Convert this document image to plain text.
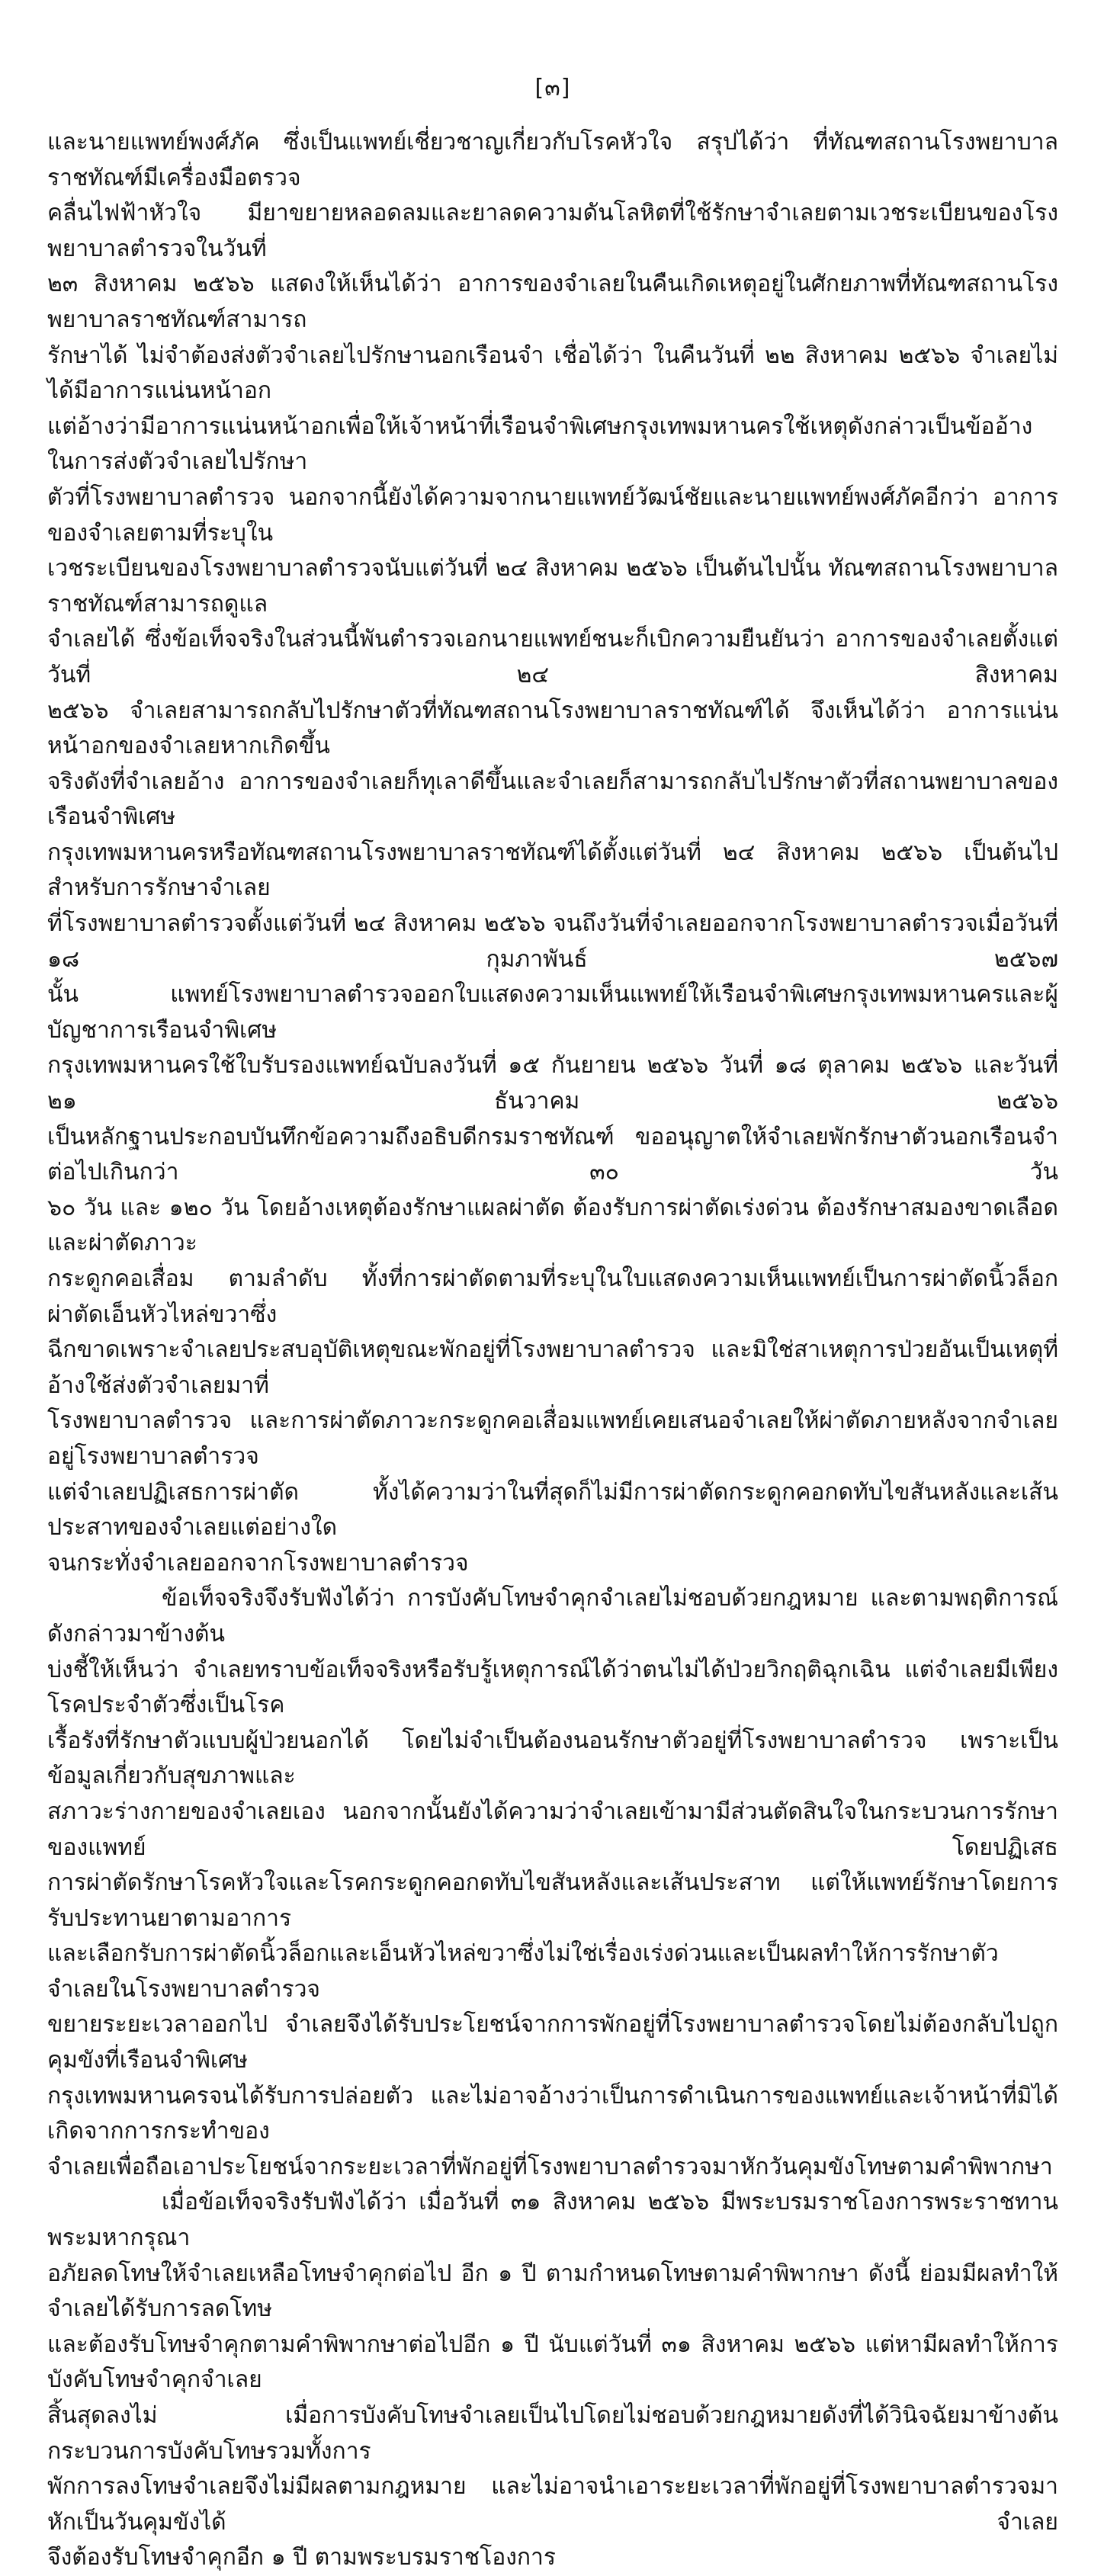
[๓]
และนายแพทย์พงศ์ภัค ซึ่งเป็นแพทย์เชี่ยวชาญเกี่ยวกับโรคหัวใจ สรุปได้ว่า ที่ทัณฑสถานโรงพยาบาลราชทัณฑ์มีเครื่องมือตรวจ
คลื่นไฟฟ้าหัวใจ มียาขยายหลอดลมและยาลดความดันโลหิตที่ใช้รักษาจำเลยตามเวชระเบียนของโรงพยาบาลตำรวจในวันที่
๒๓ สิงหาคม ๒๕๖๖ แสดงให้เห็นได้ว่า อาการของจำเลยในคืนเกิดเหตุอยู่ในศักยภาพที่ทัณฑสถานโรงพยาบาลราชทัณฑ์สามารถ
รักษาได้ ไม่จำต้องส่งตัวจำเลยไปรักษานอกเรือนจำ เชื่อได้ว่า ในคืนวันที่ ๒๒ สิงหาคม ๒๕๖๖ จำเลยไม่ได้มีอาการแน่นหน้าอก
แต่อ้างว่ามีอาการแน่นหน้าอกเพื่อให้เจ้าหน้าที่เรือนจำพิเศษกรุงเทพมหานครใช้เหตุดังกล่าวเป็นข้ออ้างในการส่งตัวจำเลยไปรักษา
ตัวที่โรงพยาบาลตำรวจ นอกจากนี้ยังได้ความจากนายแพทย์วัฒน์ชัยและนายแพทย์พงศ์ภัคอีกว่า อาการของจำเลยตามที่ระบุใน
เวชระเบียนของโรงพยาบาลตำรวจนับแต่วันที่ ๒๔ สิงหาคม ๒๕๖๖ เป็นต้นไปนั้น ทัณฑสถานโรงพยาบาลราชทัณฑ์สามารถดูแล
จำเลยได้ ซึ่งข้อเท็จจริงในส่วนนี้พันตำรวจเอกนายแพทย์ชนะก็เบิกความยืนยันว่า อาการของจำเลยตั้งแต่วันที่ ๒๔ สิงหาคม
๒๕๖๖ จำเลยสามารถกลับไปรักษาตัวที่ทัณฑสถานโรงพยาบาลราชทัณฑ์ได้ จึงเห็นได้ว่า อาการแน่นหน้าอกของจำเลยหากเกิดขึ้น
จริงดังที่จำเลยอ้าง อาการของจำเลยก็ทุเลาดีขึ้นและจำเลยก็สามารถกลับไปรักษาตัวที่สถานพยาบาลของเรือนจำพิเศษ
กรุงเทพมหานครหรือทัณฑสถานโรงพยาบาลราชทัณฑ์ได้ตั้งแต่วันที่ ๒๔ สิงหาคม ๒๕๖๖ เป็นต้นไป สำหรับการรักษาจำเลย
ที่โรงพยาบาลตำรวจตั้งแต่วันที่ ๒๔ สิงหาคม ๒๕๖๖ จนถึงวันที่จำเลยออกจากโรงพยาบาลตำรวจเมื่อวันที่ ๑๘ กุมภาพันธ์ ๒๕๖๗
นั้น แพทย์โรงพยาบาลตำรวจออกใบแสดงความเห็นแพทย์ให้เรือนจำพิเศษกรุงเทพมหานครและผู้บัญชาการเรือนจำพิเศษ
กรุงเทพมหานครใช้ใบรับรองแพทย์ฉบับลงวันที่ ๑๕ กันยายน ๒๕๖๖ วันที่ ๑๘ ตุลาคม ๒๕๖๖ และวันที่ ๒๑ ธันวาคม ๒๕๖๖
เป็นหลักฐานประกอบบันทึกข้อความถึงอธิบดีกรมราชทัณฑ์ ขออนุญาตให้จำเลยพักรักษาตัวนอกเรือนจำต่อไปเกินกว่า ๓๐ วัน
๖๐ วัน และ ๑๒๐ วัน โดยอ้างเหตุต้องรักษาแผลผ่าตัด ต้องรับการผ่าตัดเร่งด่วน ต้องรักษาสมองขาดเลือดและผ่าตัดภาวะ
กระดูกคอเสื่อม ตามลำดับ ทั้งที่การผ่าตัดตามที่ระบุในใบแสดงความเห็นแพทย์เป็นการผ่าตัดนิ้วล็อก ผ่าตัดเอ็นหัวไหล่ขวาซึ่ง
ฉีกขาดเพราะจำเลยประสบอุบัติเหตุขณะพักอยู่ที่โรงพยาบาลตำรวจ และมิใช่สาเหตุการป่วยอันเป็นเหตุที่อ้างใช้ส่งตัวจำเลยมาที่
โรงพยาบาลตำรวจ และการผ่าตัดภาวะกระดูกคอเสื่อมแพทย์เคยเสนอจำเลยให้ผ่าตัดภายหลังจากจำเลยอยู่โรงพยาบาลตำรวจ
แต่จำเลยปฏิเสธการผ่าตัด ทั้งได้ความว่าในที่สุดก็ไม่มีการผ่าตัดกระดูกคอกดทับไขสันหลังและเส้นประสาทของจำเลยแต่อย่างใด
จนกระทั่งจำเลยออกจากโรงพยาบาลตำรวจ
ข้อเท็จจริงจึงรับฟังได้ว่า การบังคับโทษจำคุกจำเลยไม่ชอบด้วยกฎหมาย และตามพฤติการณ์ดังกล่าวมาข้างต้น
บ่งชี้ให้เห็นว่า จำเลยทราบข้อเท็จจริงหรือรับรู้เหตุการณ์ได้ว่าตนไม่ได้ป่วยวิกฤติฉุกเฉิน แต่จำเลยมีเพียงโรคประจำตัวซึ่งเป็นโรค
เรื้อรังที่รักษาตัวแบบผู้ป่วยนอกได้ โดยไม่จำเป็นต้องนอนรักษาตัวอยู่ที่โรงพยาบาลตำรวจ เพราะเป็นข้อมูลเกี่ยวกับสุขภาพและ
สภาวะร่างกายของจำเลยเอง นอกจากนั้นยังได้ความว่าจำเลยเข้ามามีส่วนตัดสินใจในกระบวนการรักษาของแพทย์ โดยปฏิเสธ
การผ่าตัดรักษาโรคหัวใจและโรคกระดูกคอกดทับไขสันหลังและเส้นประสาท แต่ให้แพทย์รักษาโดยการรับประทานยาตามอาการ
และเลือกรับการผ่าตัดนิ้วล็อกและเอ็นหัวไหล่ขวาซึ่งไม่ใช่เรื่องเร่งด่วนและเป็นผลทำให้การรักษาตัวจำเลยในโรงพยาบาลตำรวจ
ขยายระยะเวลาออกไป จำเลยจึงได้รับประโยชน์จากการพักอยู่ที่โรงพยาบาลตำรวจโดยไม่ต้องกลับไปถูกคุมขังที่เรือนจำพิเศษ
กรุงเทพมหานครจนได้รับการปล่อยตัว และไม่อาจอ้างว่าเป็นการดำเนินการของแพทย์และเจ้าหน้าที่มิได้เกิดจากการกระทำของ
จำเลยเพื่อถือเอาประโยชน์จากระยะเวลาที่พักอยู่ที่โรงพยาบาลตำรวจมาหักวันคุมขังโทษตามคำพิพากษา
เมื่อข้อเท็จจริงรับฟังได้ว่า เมื่อวันที่ ๓๑ สิงหาคม ๒๕๖๖ มีพระบรมราชโองการพระราชทานพระมหากรุณา
อภัยลดโทษให้จำเลยเหลือโทษจำคุกต่อไป อีก ๑ ปี ตามกำหนดโทษตามคำพิพากษา ดังนี้ ย่อมมีผลทำให้จำเลยได้รับการลดโทษ
และต้องรับโทษจำคุกตามคำพิพากษาต่อไปอีก ๑ ปี นับแต่วันที่ ๓๑ สิงหาคม ๒๕๖๖ แต่หามีผลทำให้การบังคับโทษจำคุกจำเลย
สิ้นสุดลงไม่ เมื่อการบังคับโทษจำเลยเป็นไปโดยไม่ชอบด้วยกฎหมายดังที่ได้วินิจฉัยมาข้างต้น กระบวนการบังคับโทษรวมทั้งการ
พักการลงโทษจำเลยจึงไม่มีผลตามกฎหมาย และไม่อาจนำเอาระยะเวลาที่พักอยู่ที่โรงพยาบาลตำรวจมาหักเป็นวันคุมขังได้ จำเลย
จึงต้องรับโทษจำคุกอีก ๑ ปี ตามพระบรมราชโองการ
